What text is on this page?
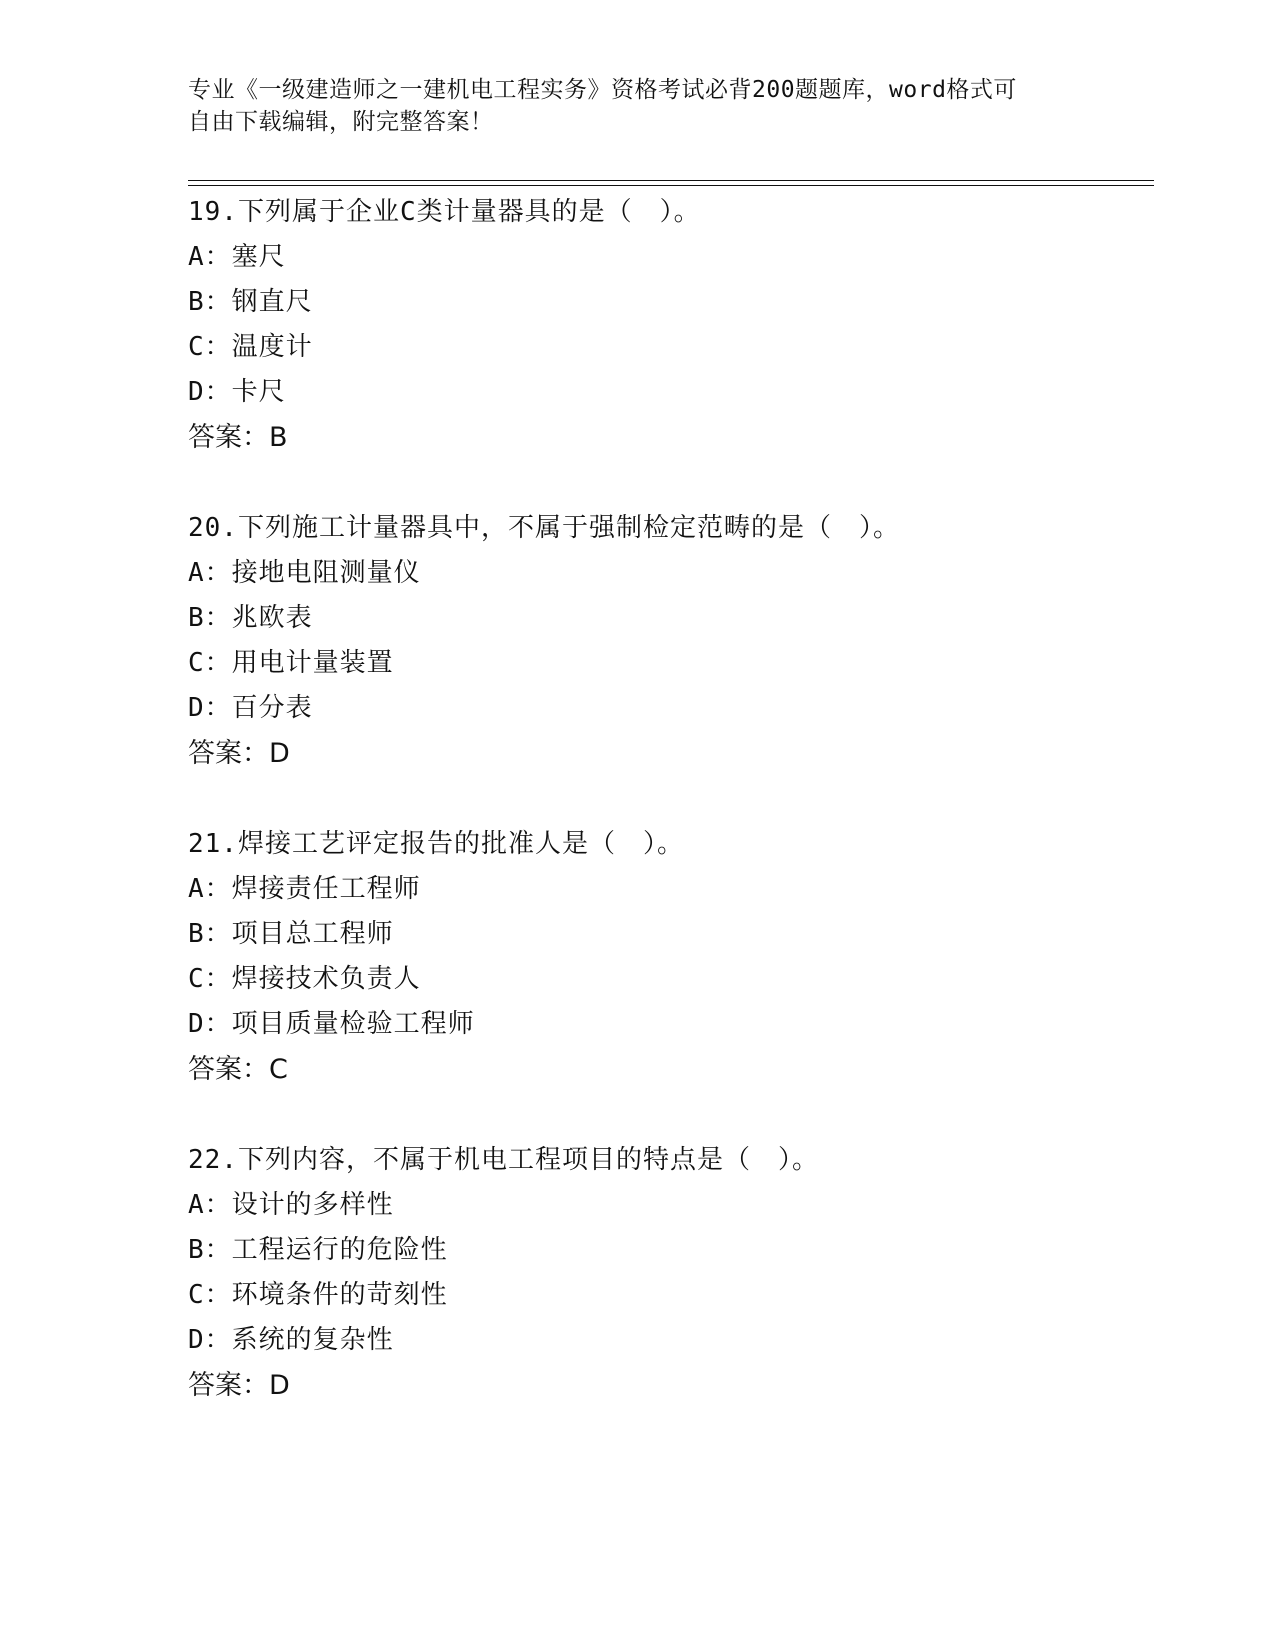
专业《一级建造师之一建机电工程实务》资格考试必背200题题库，word格式可
自由下载编辑，附完整答案！
19.下列属于企业C类计量器具的是（　）。
A：塞尺
B：钢直尺
C：温度计
D：卡尺
答案：B
20.下列施工计量器具中，不属于强制检定范畴的是（　）。
A：接地电阻测量仪
B：兆欧表
C：用电计量装置
D：百分表
答案：D
21.焊接工艺评定报告的批准人是（　）。
A：焊接责任工程师
B：项目总工程师
C：焊接技术负责人
D：项目质量检验工程师
答案：C
22.下列内容，不属于机电工程项目的特点是（　）。
A：设计的多样性
B：工程运行的危险性
C：环境条件的苛刻性
D：系统的复杂性
答案：D
